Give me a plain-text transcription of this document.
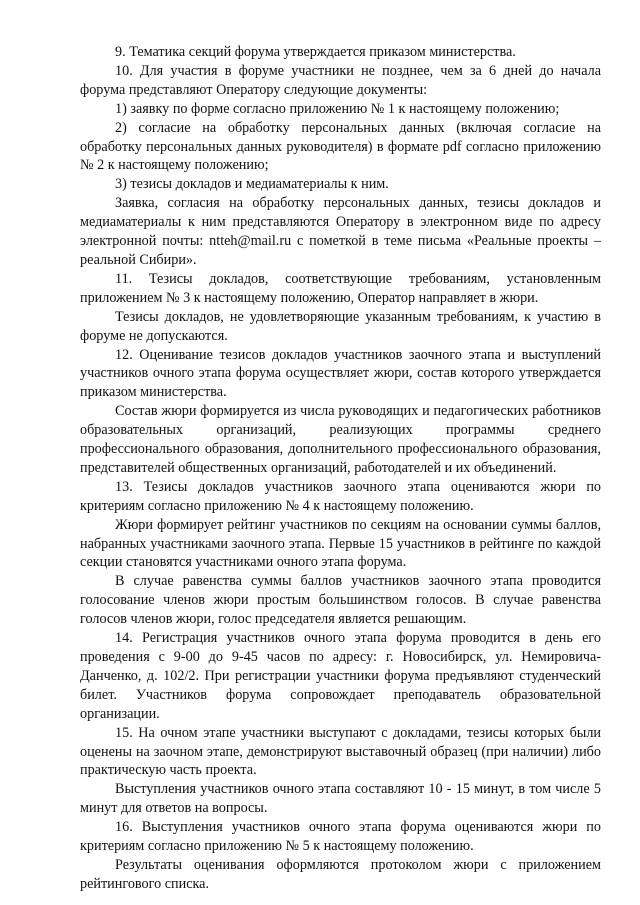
9. Тематика секций форума утверждается приказом министерства.

10. Для участия в форуме участники не позднее, чем за 6 дней до начала форума представляют Оператору следующие документы:

1) заявку по форме согласно приложению № 1 к настоящему положению;

2) согласие на обработку персональных данных (включая согласие на обработку персональных данных руководителя) в формате pdf согласно приложению № 2 к настоящему положению;

3) тезисы докладов и медиаматериалы к ним.

Заявка, согласия на обработку персональных данных, тезисы докладов и медиаматериалы к ним представляются Оператору в электронном виде по адресу электронной почты: ntteh@mail.ru с пометкой в теме письма «Реальные проекты – реальной Сибири».

11. Тезисы докладов, соответствующие требованиям, установленным приложением № 3 к настоящему положению, Оператор направляет в жюри.

Тезисы докладов, не удовлетворяющие указанным требованиям, к участию в форуме не допускаются.

12. Оценивание тезисов докладов участников заочного этапа и выступлений участников очного этапа форума осуществляет жюри, состав которого утверждается приказом министерства.

Состав жюри формируется из числа руководящих и педагогических работников образовательных организаций, реализующих программы среднего профессионального образования, дополнительного профессионального образования, представителей общественных организаций, работодателей и их объединений.

13. Тезисы докладов участников заочного этапа оцениваются жюри по критериям согласно приложению № 4 к настоящему положению.

Жюри формирует рейтинг участников по секциям на основании суммы баллов, набранных участниками заочного этапа. Первые 15 участников в рейтинге по каждой секции становятся участниками очного этапа форума.

В случае равенства суммы баллов участников заочного этапа проводится голосование членов жюри простым большинством голосов. В случае равенства голосов членов жюри, голос председателя является решающим.

14. Регистрация участников очного этапа форума проводится в день его проведения с 9-00 до 9-45 часов по адресу: г. Новосибирск, ул. Немировича-Данченко, д. 102/2. При регистрации участники форума предъявляют студенческий билет. Участников форума сопровождает преподаватель образовательной организации.

15. На очном этапе участники выступают с докладами, тезисы которых были оценены на заочном этапе, демонстрируют выставочный образец (при наличии) либо практическую часть проекта.

Выступления участников очного этапа составляют 10 - 15 минут, в том числе 5 минут для ответов на вопросы.

16. Выступления участников очного этапа форума оцениваются жюри по критериям согласно приложению № 5 к настоящему положению.

Результаты оценивания оформляются протоколом жюри с приложением рейтингового списка.
